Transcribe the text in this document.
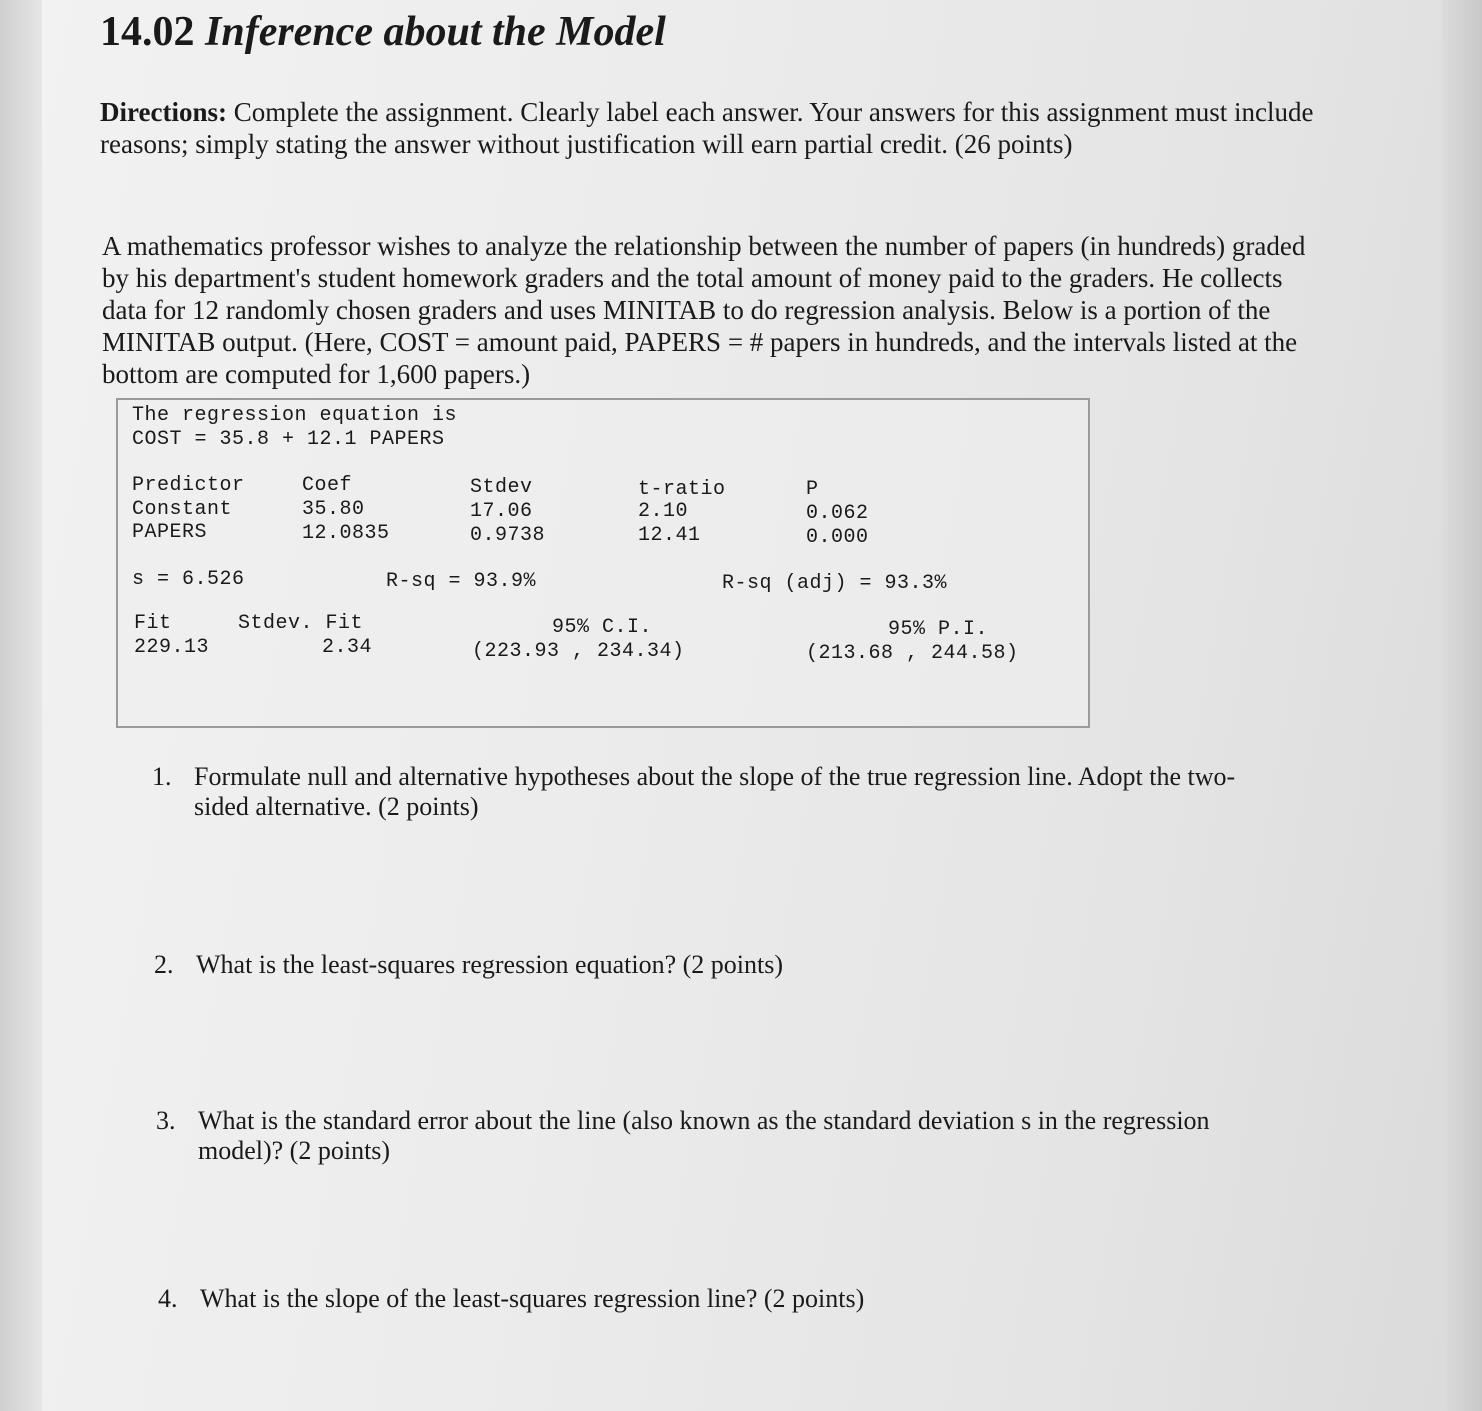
14.02 Inference about the Model
Directions: Complete the assignment. Clearly label each answer. Your answers for this assignment must include reasons; simply stating the answer without justification will earn partial credit. (26 points)
A mathematics professor wishes to analyze the relationship between the number of papers (in hundreds) graded
by his department's student homework graders and the total amount of money paid to the graders. He collects
data for 12 randomly chosen graders and uses MINITAB to do regression analysis. Below is a portion of the
MINITAB output. (Here, COST = amount paid, PAPERS = # papers in hundreds, and the intervals listed at the
bottom are computed for 1,600 papers.)
The regression equation is
COST = 35.8 + 12.1 PAPERS
Predictor	Coef	Stdev	t-ratio	P
Constant	35.80	17.06	2.10	0.062
PAPERS	12.0835	0.9738	12.41	0.000
s = 6.526	R-sq = 93.9%	R-sq (adj) = 93.3%
Fit	Stdev. Fit	95% C.I.	95% P.I.
229.13	2.34	(223.93 , 234.34)	(213.68 , 244.58)
1. Formulate null and alternative hypotheses about the slope of the true regression line. Adopt the two-
sided alternative. (2 points)
2. What is the least-squares regression equation? (2 points)
3. What is the standard error about the line (also known as the standard deviation s in the regression
model)? (2 points)
4. What is the slope of the least-squares regression line? (2 points)
